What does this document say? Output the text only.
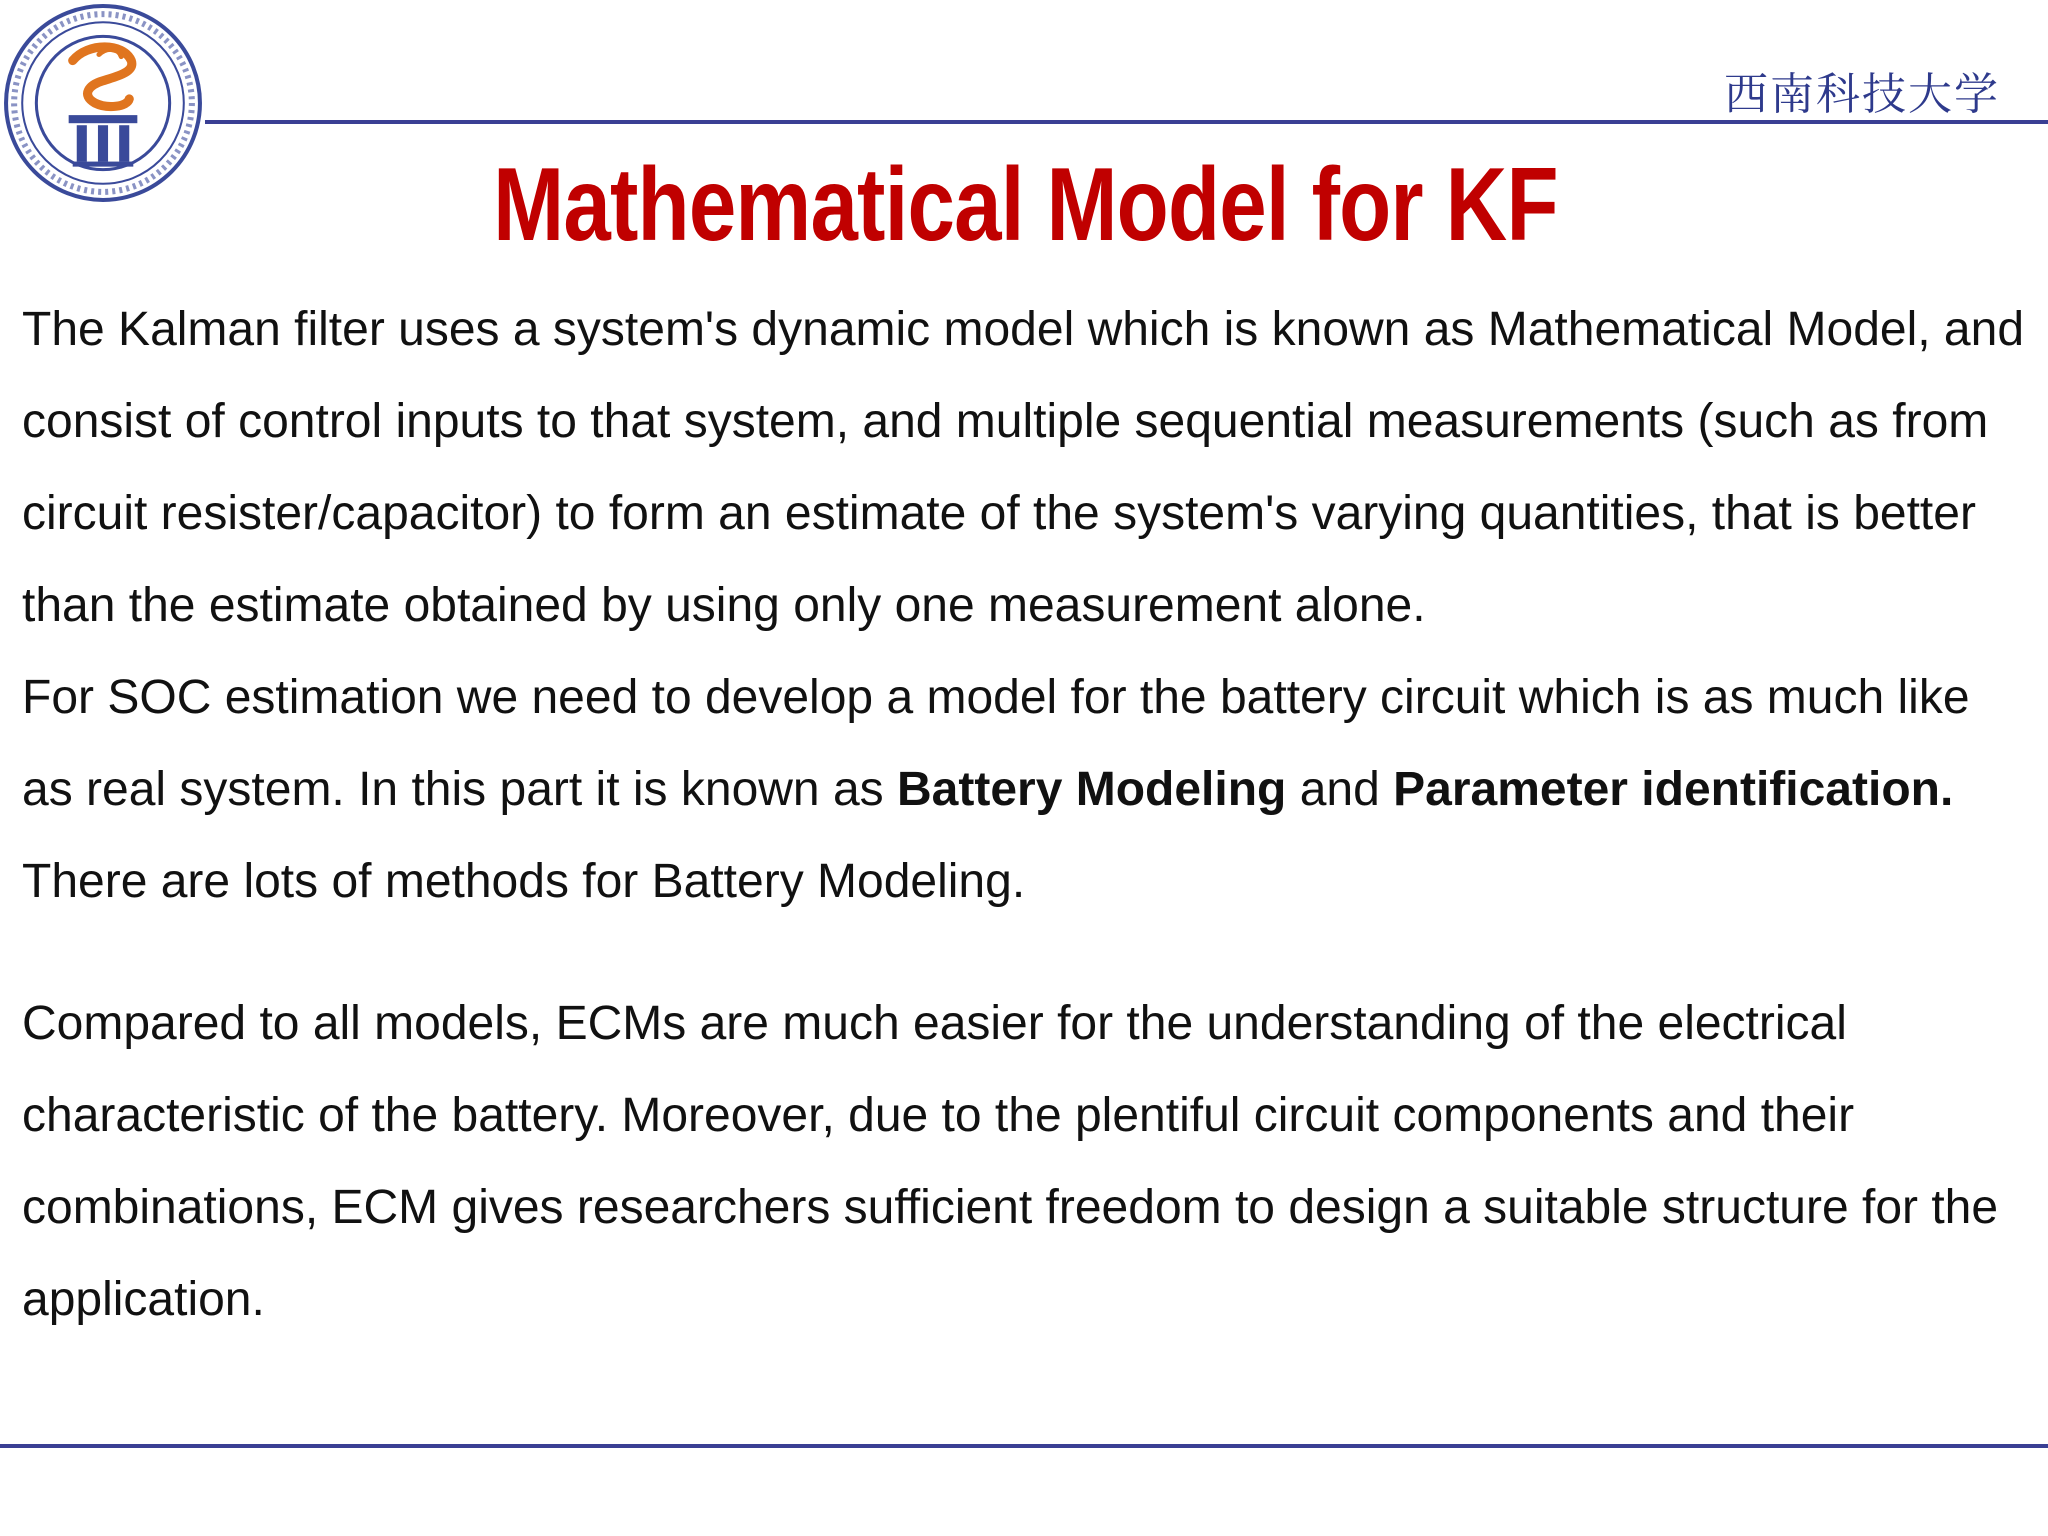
西南科技大学
Mathematical Model for KF

The Kalman filter uses a system's dynamic model which is known as Mathematical Model, and consist of control inputs to that system, and multiple sequential measurements (such as from circuit resister/capacitor) to form an estimate of the system's varying quantities, that is better than the estimate obtained by using only one measurement alone.

For SOC estimation we need to develop a model for the battery circuit which is as much like as real system. In this part it is known as Battery Modeling and Parameter identification. There are lots of methods for Battery Modeling.

Compared to all models, ECMs are much easier for the understanding of the electrical characteristic of the battery. Moreover, due to the plentiful circuit components and their combinations, ECM gives researchers sufficient freedom to design a suitable structure for the application.
